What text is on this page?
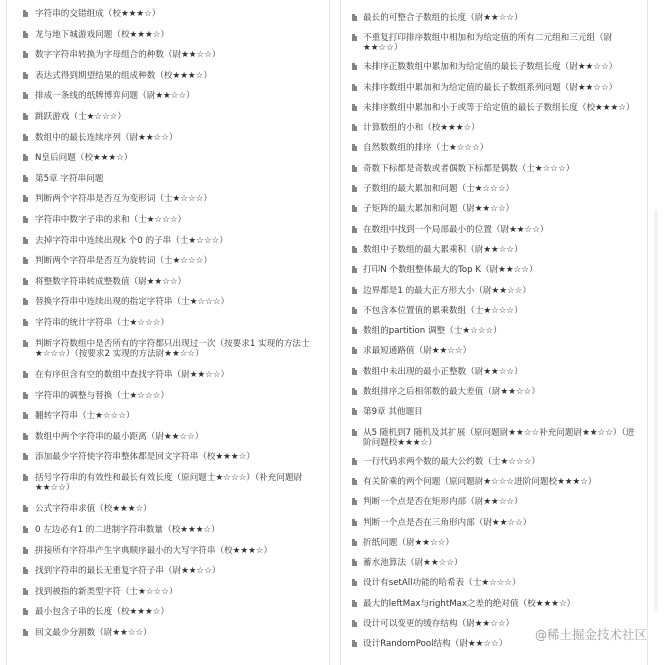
字符串的交错组成（校★★★☆）
龙与地下城游戏问题（校★★★☆）
数字字符串转换为字母组合的种数（尉★★☆☆）
表达式得到期望结果的组成种数（校★★★☆）
排成一条线的纸牌博弈问题（尉★★☆☆）
跳跃游戏（士★☆☆☆）
数组中的最长连续序列（尉★★☆☆）
N皇后问题（校★★★☆）
第5章 字符串问题
判断两个字符串是否互为变形词（士★☆☆☆）
字符串中数字子串的求和（士★☆☆☆）
去掉字符串中连续出现k 个0 的子串（士★☆☆☆）
判断两个字符串是否互为旋转词（士★☆☆☆）
将整数字符串转成整数值（尉★★☆☆）
替换字符串中连续出现的指定字符串（士★☆☆☆）
字符串的统计字符串（士★☆☆☆）
判断字符数组中是否所有的字符都只出现过一次（按要求1 实现的方法士★☆☆☆）（按要求2 实现的方法尉★★☆☆）
在有序但含有空的数组中查找字符串（尉★★☆☆）
字符串的调整与替换（士★☆☆☆）
翻转字符串（士★☆☆☆）
数组中两个字符串的最小距离（尉★★☆☆）
添加最少字符使字符串整体都是回文字符串（校★★★☆）
括号字符串的有效性和最长有效长度（原问题士★☆☆☆）（补充问题尉★★☆☆）
公式字符串求值（校★★★☆）
0 左边必有1 的二进制字符串数量（校★★★☆）
拼接所有字符串产生字典顺序最小的大写字符串（校★★★☆）
找到字符串的最长无重复字符子串（尉★★☆☆）
找到被指的新类型字符（士★☆☆☆）
最小包含子串的长度（校★★★☆）
回文最少分割数（尉★★☆☆）
最长的可整合子数组的长度（尉★★☆☆）
不重复打印排序数组中相加和为给定值的所有二元组和三元组（尉★★☆☆）
未排序正数数组中累加和为给定值的最长子数组长度（尉★★☆☆）
未排序数组中累加和为给定值的最长子数组系列问题（尉★★☆☆）
未排序数组中累加和小于或等于给定值的最长子数组长度（校★★★☆）
计算数组的小和（校★★★☆）
自然数数组的排序（士★☆☆☆）
奇数下标都是奇数或者偶数下标都是偶数（士★☆☆☆）
子数组的最大累加和问题（士★☆☆☆）
子矩阵的最大累加和问题（尉★★☆☆）
在数组中找到一个局部最小的位置（尉★★☆☆）
数组中子数组的最大累乘积（尉★★☆☆）
打印N 个数组整体最大的Top K（尉★★☆☆）
边界都是1 的最大正方形大小（尉★★☆☆）
不包含本位置值的累乘数组（士★☆☆☆）
数组的partition 调整（士★☆☆☆）
求最短通路值（尉★★☆☆）
数组中未出现的最小正整数（尉★★☆☆）
数组排序之后相邻数的最大差值（尉★★☆☆）
第9章 其他题目
从5 随机到7 随机及其扩展（原问题尉★★☆☆补充问题尉★★☆☆）（进阶问题校★★★☆）
一行代码求两个数的最大公约数（士★☆☆☆）
有关阶乘的两个问题（原问题尉★☆☆☆进阶问题校★★★☆）
判断一个点是否在矩形内部（尉★★☆☆）
判断一个点是否在三角形内部（尉★★☆☆）
折纸问题（尉★★☆☆）
蓄水池算法（尉★★☆☆）
设计有setAll功能的哈希表（士★☆☆☆）
最大的leftMax与rightMax之差的绝对值（校★★★☆）
设计可以变更的缓存结构（尉★★☆☆）
设计RandomPool结构（尉★★☆☆）
@稀土掘金技术社区
